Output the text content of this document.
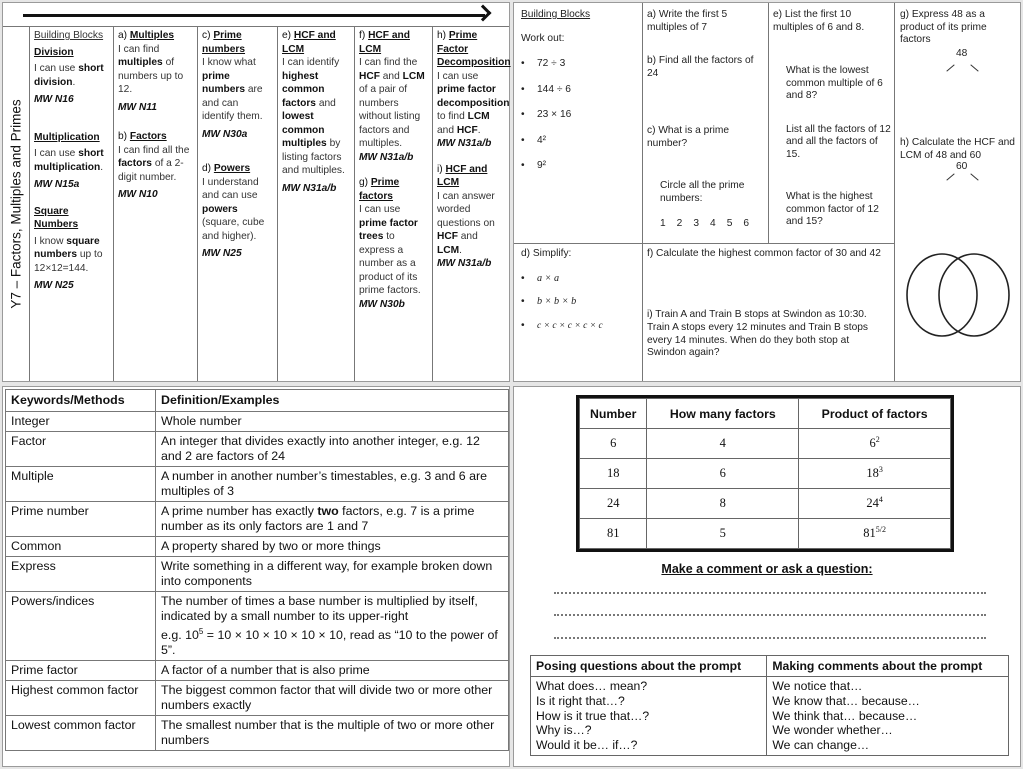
Y7 – Factors, Multiples and Primes

Building Blocks

Division

I can use short division.

MW N16

Multiplication

I can use short multiplication.

MW N15a

Square Numbers

I know square numbers up to 12×12=144.

MW N25

a) Multiples

I can find multiples of numbers up to 12.

MW N11

b) Factors

I can find all the factors of a 2-digit number.

MW N10

c) Prime numbers

I know what prime numbers are and can identify them.

MW N30a

d) Powers

I understand and can use powers (square, cube and higher).

MW N25

e) HCF and LCM

I can identify highest common factors and lowest common multiples by listing factors and multiples.

MW N31a/b

f) HCF and LCM

I can find the HCF and LCM of a pair of numbers without listing factors and multiples.

MW N31a/b

g) Prime factors

I can use prime factor trees to express a number as a product of its prime factors.

MW N30b

h) Prime Factor Decomposition

I can use prime factor decomposition to find LCM and HCF.

MW N31a/b

i) HCF and LCM

I can answer worded questions on HCF and LCM.

MW N31a/b

Building Blocks
Work out:
• 72 ÷ 3
• 144 ÷ 6
• 23 × 16
• 4²
• 9²
a) Write the first 5 multiples of 7
b) Find all the factors of 24
c) What is a prime number?
Circle all the prime numbers:
1 2 3 4 5 6
e) List the first 10 multiples of 6 and 8.
What is the lowest common multiple of 6 and 8?
List all the factors of 12 and all the factors of 15.
What is the highest common factor of 12 and 15?
g) Express 48 as a product of its prime factors
48
h) Calculate the HCF and LCM of 48 and 60
60
d) Simplify:
• a × a
• b × b × b
• c × c × c × c × c
f) Calculate the highest common factor of 30 and 42
i) Train A and Train B stops at Swindon as 10:30. Train A stops every 12 minutes and Train B stops every 14 minutes. When do they both stop at Swindon again?
Keywords/Methods	Definition/Examples
Integer	Whole number
Factor	An integer that divides exactly into another integer, e.g. 12 and 2 are factors of 24
Multiple	A number in another number’s timestables, e.g. 3 and 6 are multiples of 3
Prime number	A prime number has exactly two factors, e.g. 7 is a prime number as its only factors are 1 and 7
Common	A property shared by two or more things
Express	Write something in a different way, for example broken down into components
Powers/indices	The number of times a base number is multiplied by itself, indicated by a small number to its upper-right
e.g. $10^5 = 10 \times 10 \times 10 \times 10 \times 10$, read as “10 to the power of 5”.

Prime factor	A factor of a number that is also prime
Highest common factor	The biggest common factor that will divide two or more other numbers exactly
Lowest common factor	The smallest number that is the multiple of two or more other numbers
Number	How many factors	Product of factors
6	4	$6^2$
18	6	$18^3$
24	8	$24^4$
81	5	$81^{5/2}$
Make a comment or ask a question:
Posing questions about the prompt	Making comments about the prompt

What does… mean?
Is it right that…?
How is it true that…?
Why is…?
Would it be… if…?

We notice that…
We know that… because…
We think that… because…
We wonder whether…
We can change…
